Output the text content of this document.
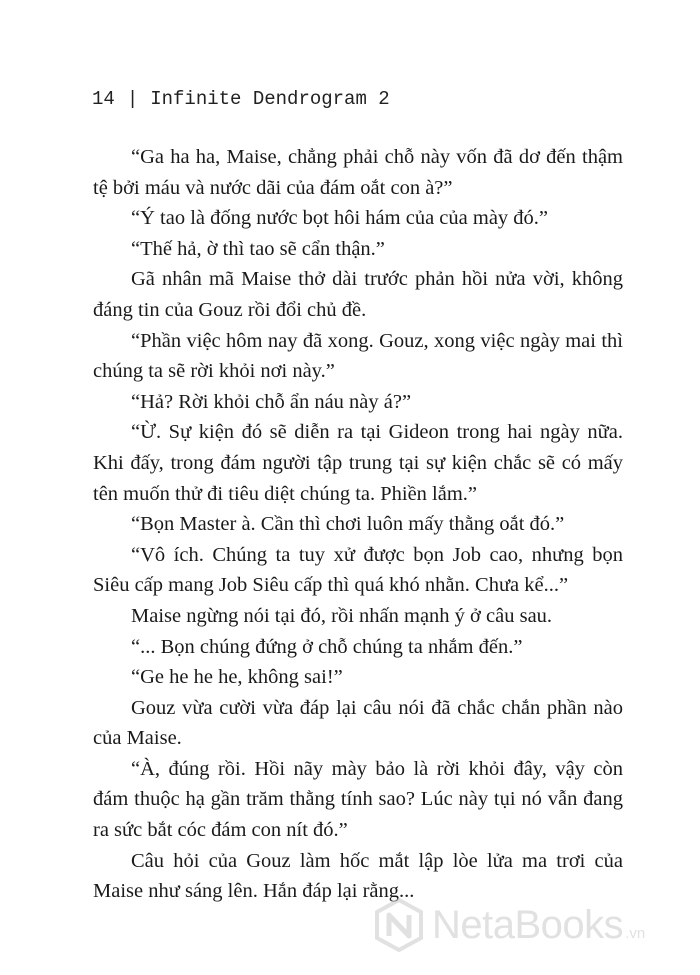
14 | Infinite Dendrogram 2

“Ga ha ha, Maise, chẳng phải chỗ này vốn đã dơ đến thậm tệ bởi máu và nước dãi của đám oắt con à?”

“Ý tao là đống nước bọt hôi hám của của mày đó.”

“Thế hả, ờ thì tao sẽ cẩn thận.”

Gã nhân mã Maise thở dài trước phản hồi nửa vời, không đáng tin của Gouz rồi đổi chủ đề.

“Phần việc hôm nay đã xong. Gouz, xong việc ngày mai thì chúng ta sẽ rời khỏi nơi này.”

“Hả? Rời khỏi chỗ ẩn náu này á?”

“Ừ. Sự kiện đó sẽ diễn ra tại Gideon trong hai ngày nữa. Khi đấy, trong đám người tập trung tại sự kiện chắc sẽ có mấy tên muốn thử đi tiêu diệt chúng ta. Phiền lắm.”

“Bọn Master à. Cần thì chơi luôn mấy thằng oắt đó.”

“Vô ích. Chúng ta tuy xử được bọn Job cao, nhưng bọn Siêu cấp mang Job Siêu cấp thì quá khó nhằn. Chưa kể...”

Maise ngừng nói tại đó, rồi nhấn mạnh ý ở câu sau.

“... Bọn chúng đứng ở chỗ chúng ta nhắm đến.”

“Ge he he he, không sai!”

Gouz vừa cười vừa đáp lại câu nói đã chắc chắn phần nào của Maise.

“À, đúng rồi. Hồi nãy mày bảo là rời khỏi đây, vậy còn đám thuộc hạ gần trăm thằng tính sao? Lúc này tụi nó vẫn đang ra sức bắt cóc đám con nít đó.”

Câu hỏi của Gouz làm hốc mắt lập lòe lửa ma trơi của Maise như sáng lên. Hắn đáp lại rằng...

NetaBooks .vn
